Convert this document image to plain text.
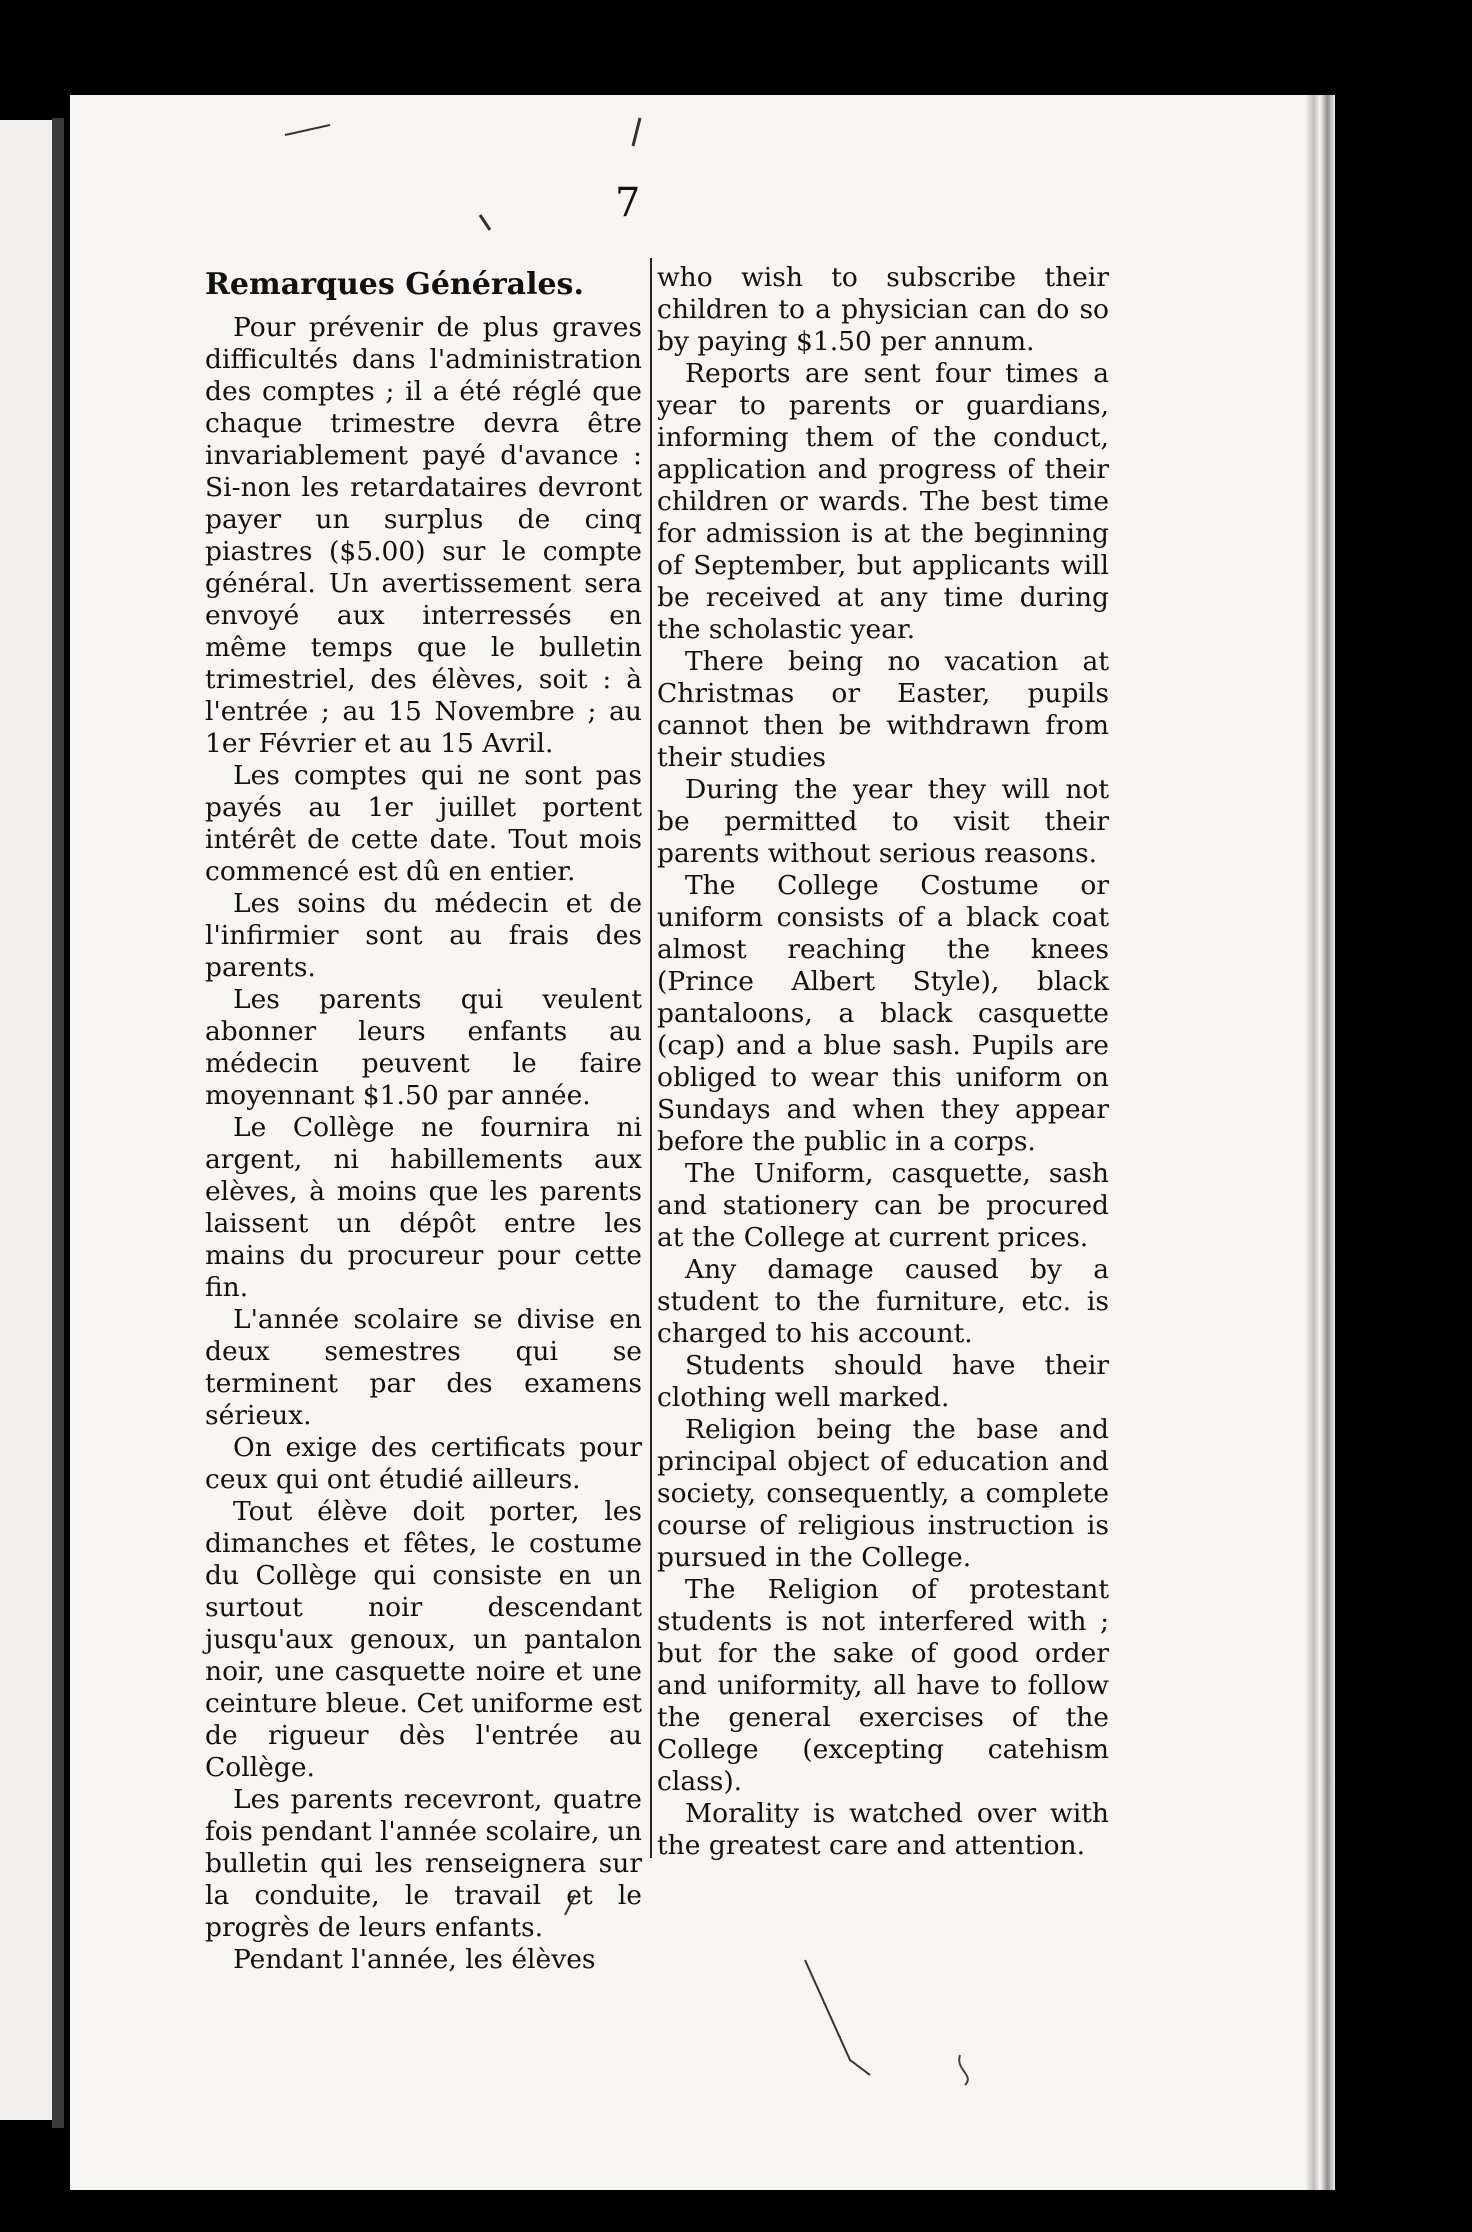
7
Remarques Générales.

Pour prévenir de plus graves difficultés dans l'administration des comptes ; il a été réglé que chaque trimestre devra être invariablement payé d'avance : Si-non les retardataires devront payer un surplus de cinq piastres ($5.00) sur le compte général. Un avertissement sera envoyé aux interressés en même temps que le bulletin trimestriel, des élèves, soit : à l'entrée ; au 15 Novembre ; au 1er Février et au 15 Avril.

Les comptes qui ne sont pas payés au 1er juillet portent intérêt de cette date. Tout mois commencé est dû en entier.

Les soins du médecin et de l'infirmier sont au frais des parents.

Les parents qui veulent abonner leurs enfants au médecin peuvent le faire moyennant $1.50 par année.

Le Collège ne fournira ni argent, ni habillements aux elèves, à moins que les parents laissent un dépôt entre les mains du procureur pour cette fin.

L'année scolaire se divise en deux semestres qui se terminent par des examens sérieux.

On exige des certificats pour ceux qui ont étudié ailleurs.

Tout élève doit porter, les dimanches et fêtes, le costume du Collège qui consiste en un surtout noir descendant jusqu'aux genoux, un pantalon noir, une casquette noire et une ceinture bleue. Cet uniforme est de rigueur dès l'entrée au Collège.

Les parents recevront, quatre fois pendant l'année scolaire, un bulletin qui les renseignera sur la conduite, le travail et le progrès de leurs enfants.

Pendant l'année, les élèves

who wish to subscribe their children to a physician can do so by paying $1.50 per annum.

Reports are sent four times a year to parents or guardians, informing them of the conduct, application and progress of their children or wards. The best time for admission is at the beginning of September, but applicants will be received at any time during the scholastic year.

There being no vacation at Christmas or Easter, pupils cannot then be withdrawn from their studies

During the year they will not be permitted to visit their parents without serious reasons.

The College Costume or uniform consists of a black coat almost reaching the knees (Prince Albert Style), black pantaloons, a black casquette (cap) and a blue sash. Pupils are obliged to wear this uniform on Sundays and when they appear before the public in a corps.

The Uniform, casquette, sash and stationery can be procured at the College at current prices.

Any damage caused by a student to the furniture, etc. is charged to his account.

Students should have their clothing well marked.

Religion being the base and principal object of education and society, consequently, a complete course of religious instruction is pursued in the College.

The Religion of protestant students is not interfered with ; but for the sake of good order and uniformity, all have to follow the general exercises of the College (excepting catehism class).

Morality is watched over with the greatest care and attention.
